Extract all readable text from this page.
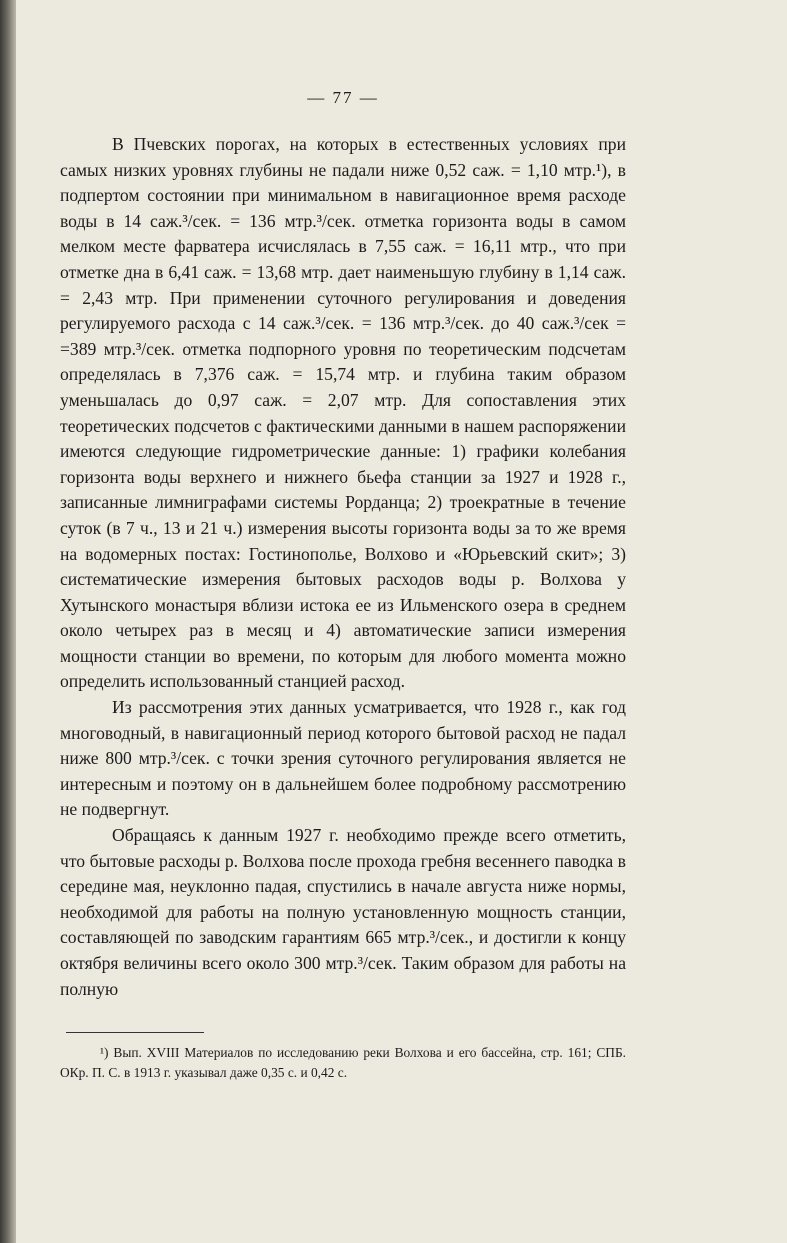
— 77 —

В Пчевских порогах, на которых в естественных условиях при самых низких уровнях глубины не падали ниже 0,52 саж. = 1,10 мтр.¹), в подпертом состоянии при минимальном в навигационное время расходе воды в 14 саж.³/сек. = 136 мтр.³/сек. отметка горизонта воды в самом мелком месте фарватера исчислялась в 7,55 саж. = 16,11 мтр., что при отметке дна в 6,41 саж. = 13,68 мтр. дает наименьшую глубину в 1,14 саж. = 2,43 мтр. При применении суточного регулирования и доведения регулируемого расхода с 14 саж.³/сек. = 136 мтр.³/сек. до 40 саж.³/сек = =389 мтр.³/сек. отметка подпорного уровня по теоретическим подсчетам определялась в 7,376 саж. = 15,74 мтр. и глубина таким образом уменьшалась до 0,97 саж. = 2,07 мтр. Для сопоставления этих теоретических подсчетов с фактическими данными в нашем распоряжении имеются следующие гидрометрические данные: 1) графики колебания горизонта воды верхнего и нижнего бьефа станции за 1927 и 1928 г., записанные лимниграфами системы Рорданца; 2) троекратные в течение суток (в 7 ч., 13 и 21 ч.) измерения высоты горизонта воды за то же время на водомерных постах: Гостинополье, Волхово и «Юрьевский скит»; 3) систематические измерения бытовых расходов воды р. Волхова у Хутынского монастыря вблизи истока ее из Ильменского озера в среднем около четырех раз в месяц и 4) автоматические записи измерения мощности станции во времени, по которым для любого момента можно определить использованный станцией расход.

Из рассмотрения этих данных усматривается, что 1928 г., как год многоводный, в навигационный период которого бытовой расход не падал ниже 800 мтр.³/сек. с точки зрения суточного регулирования является не интересным и поэтому он в дальнейшем более подробному рассмотрению не подвергнут.

Обращаясь к данным 1927 г. необходимо прежде всего отметить, что бытовые расходы р. Волхова после прохода гребня весеннего паводка в середине мая, неуклонно падая, спустились в начале августа ниже нормы, необходимой для работы на полную установленную мощность станции, составляющей по заводским гарантиям 665 мтр.³/сек., и достигли к концу октября величины всего около 300 мтр.³/сек. Таким образом для работы на полную

¹) Вып. XVIII Материалов по исследованию реки Волхова и его бассейна, стр. 161; СПБ. ОКр. П. С. в 1913 г. указывал даже 0,35 с. и 0,42 с.
